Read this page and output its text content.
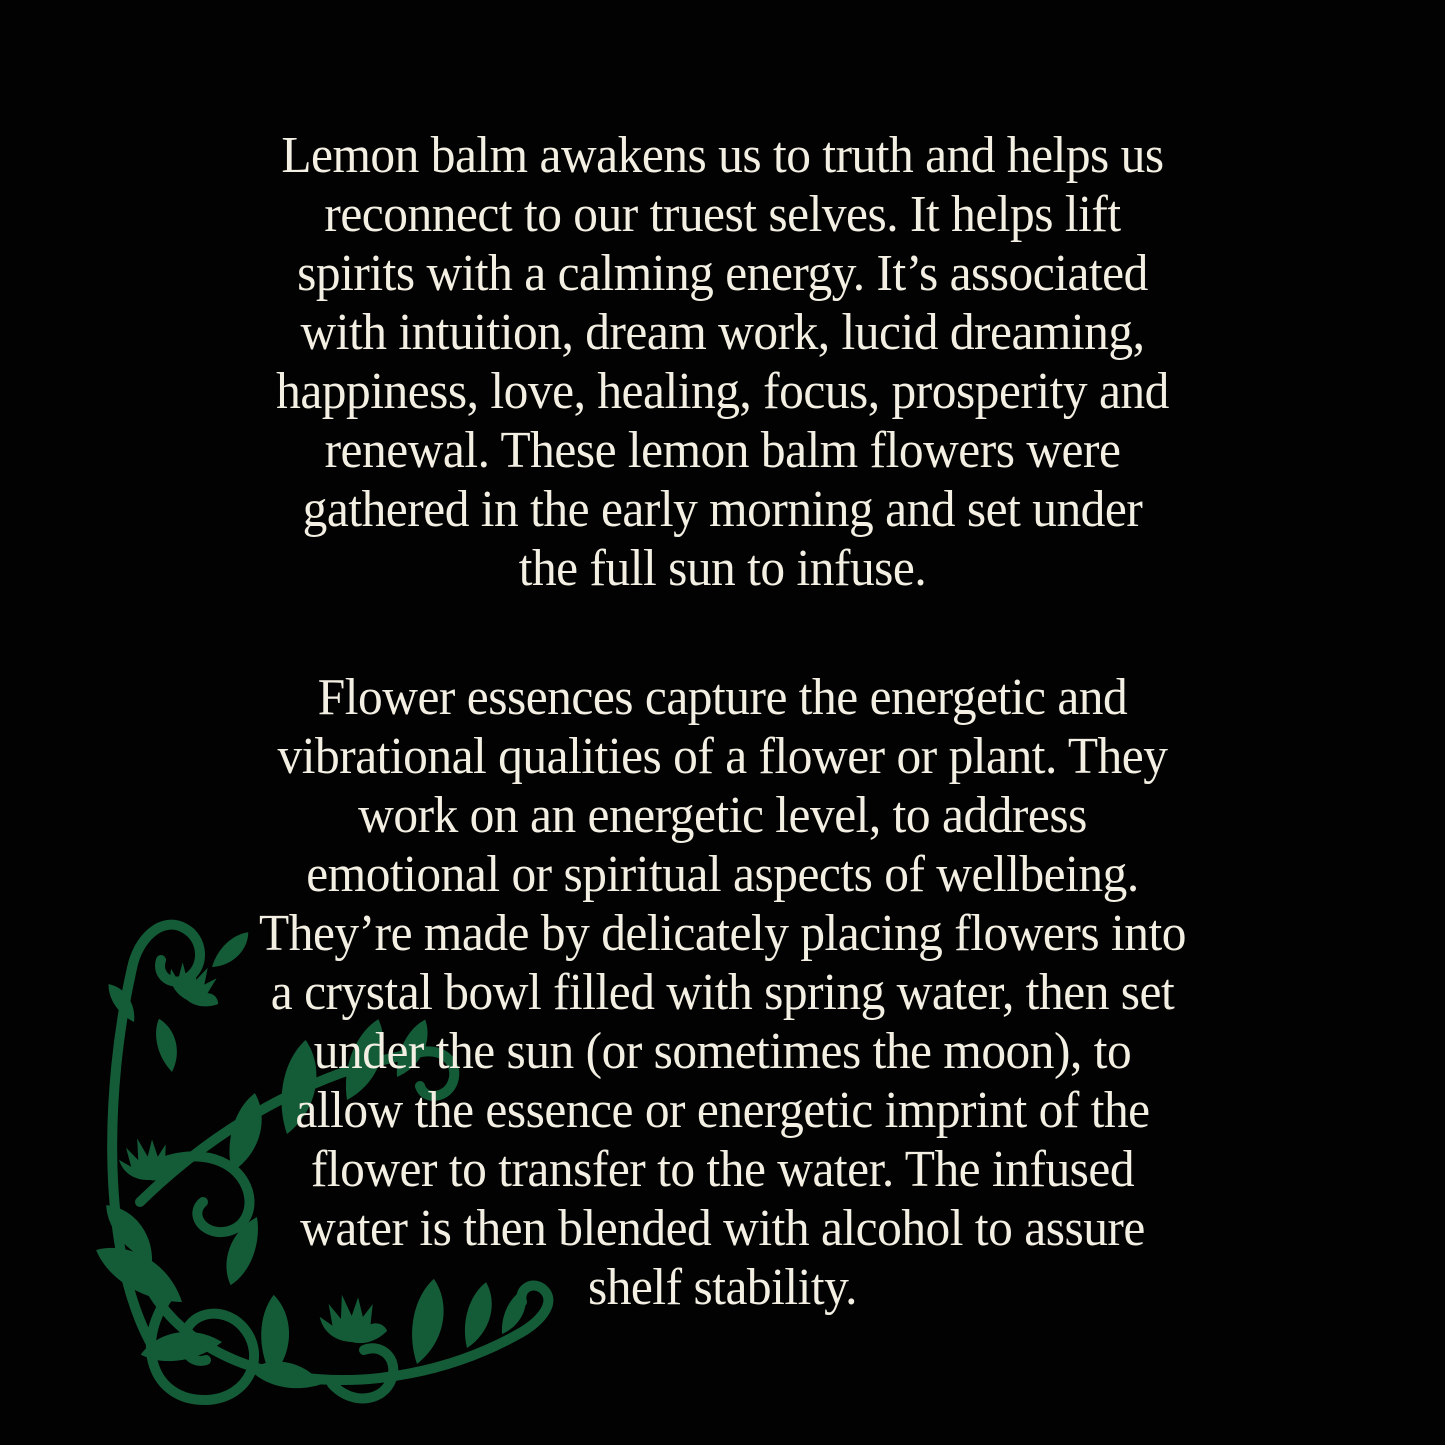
Lemon balm awakens us to truth and helps us
reconnect to our truest selves. It helps lift
spirits with a calming energy. It’s associated
with intuition, dream work, lucid dreaming,
happiness, love, healing, focus, prosperity and
renewal. These lemon balm flowers were
gathered in the early morning and set under
the full sun to infuse.
Flower essences capture the energetic and
vibrational qualities of a flower or plant. They
work on an energetic level, to address
emotional or spiritual aspects of wellbeing.
They’re made by delicately placing flowers into
a crystal bowl filled with spring water, then set
under the sun (or sometimes the moon), to
allow the essence or energetic imprint of the
flower to transfer to the water. The infused
water is then blended with alcohol to assure
shelf stability.
